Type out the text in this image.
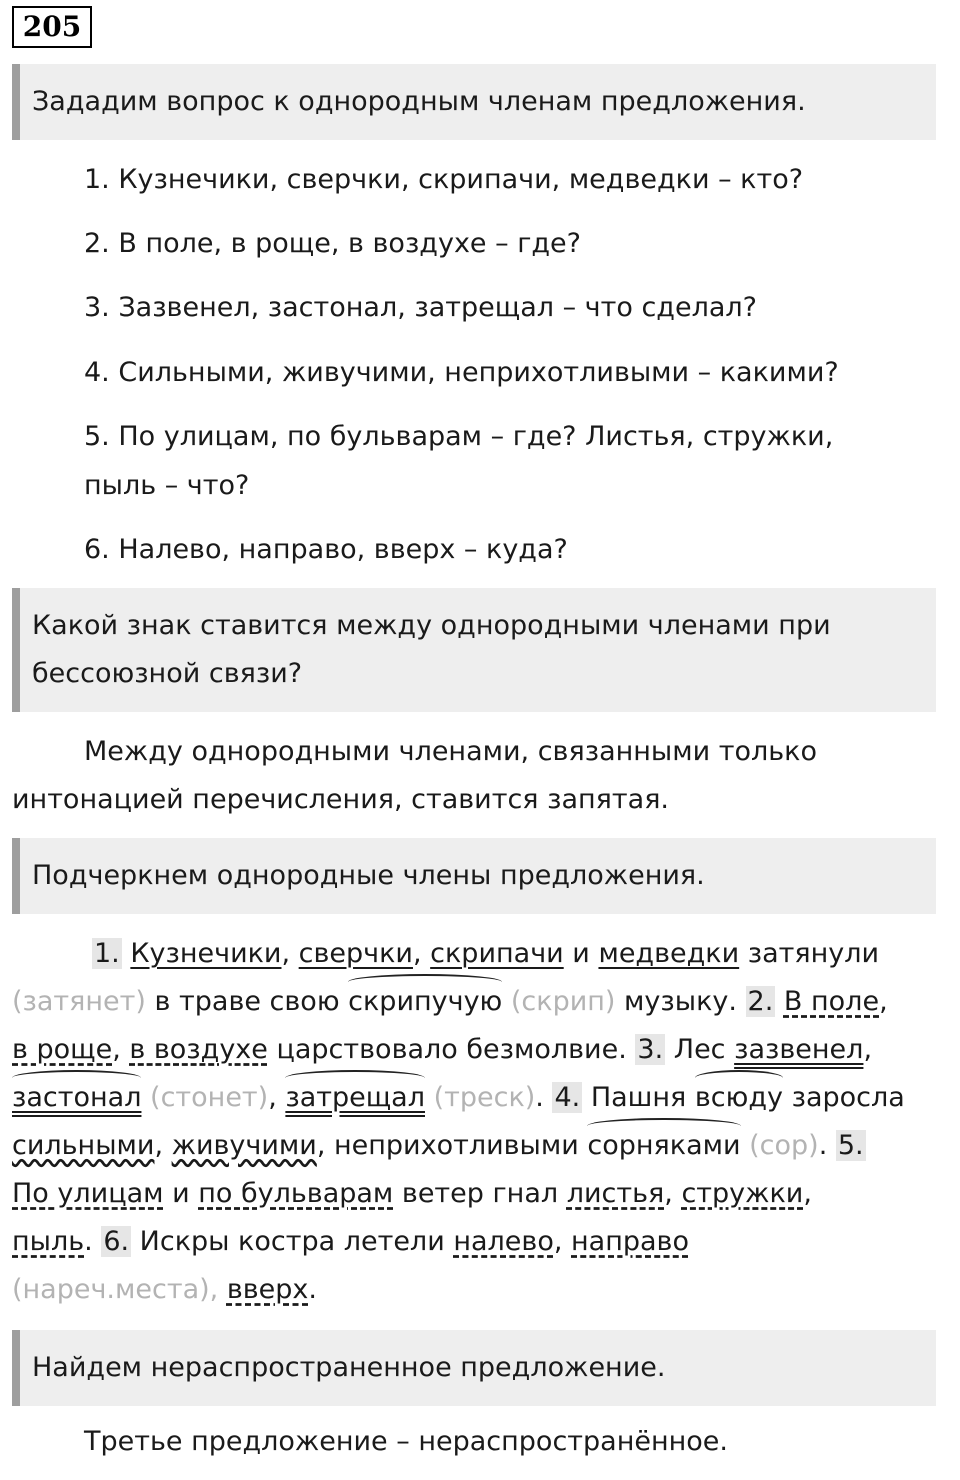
205
Зададим вопрос к однородным членам предложения.
1. Кузнечики, сверчки, скрипачи, медведки – кто?
2. В поле, в роще, в воздухе – где?
3. Зазвенел, застонал, затрещал – что сделал?
4. Сильными, живучими, неприхотливыми – какими?
5. По улицам, по бульварам – где? Листья, стружки,
пыль – что?
6. Налево, направо, вверх – куда?
Какой знак ставится между однородными членами при
бессоюзной связи?
Между однородными членами, связанными только
интонацией перечисления, ставится запятая.
Подчеркнем однородные члены предложения.
1. Кузнечики, сверчки, скрипачи и медведки затянули
(затянет) в траве свою скрипучую (скрип) музыку. 2. В поле,
в роще, в воздухе царствовало безмолвие. 3. Лес зазвенел,
застонал (стонет), затрещал (треск). 4. Пашня всюду заросла
сильными, живучими, неприхотливыми сорняками (сор). 5.
По улицам и по бульварам ветер гнал листья, стружки,
пыль. 6. Искры костра летели налево, направо
(нареч.места), вверх.
Найдем нераспространенное предложение.
Третье предложение – нераспространённое.
